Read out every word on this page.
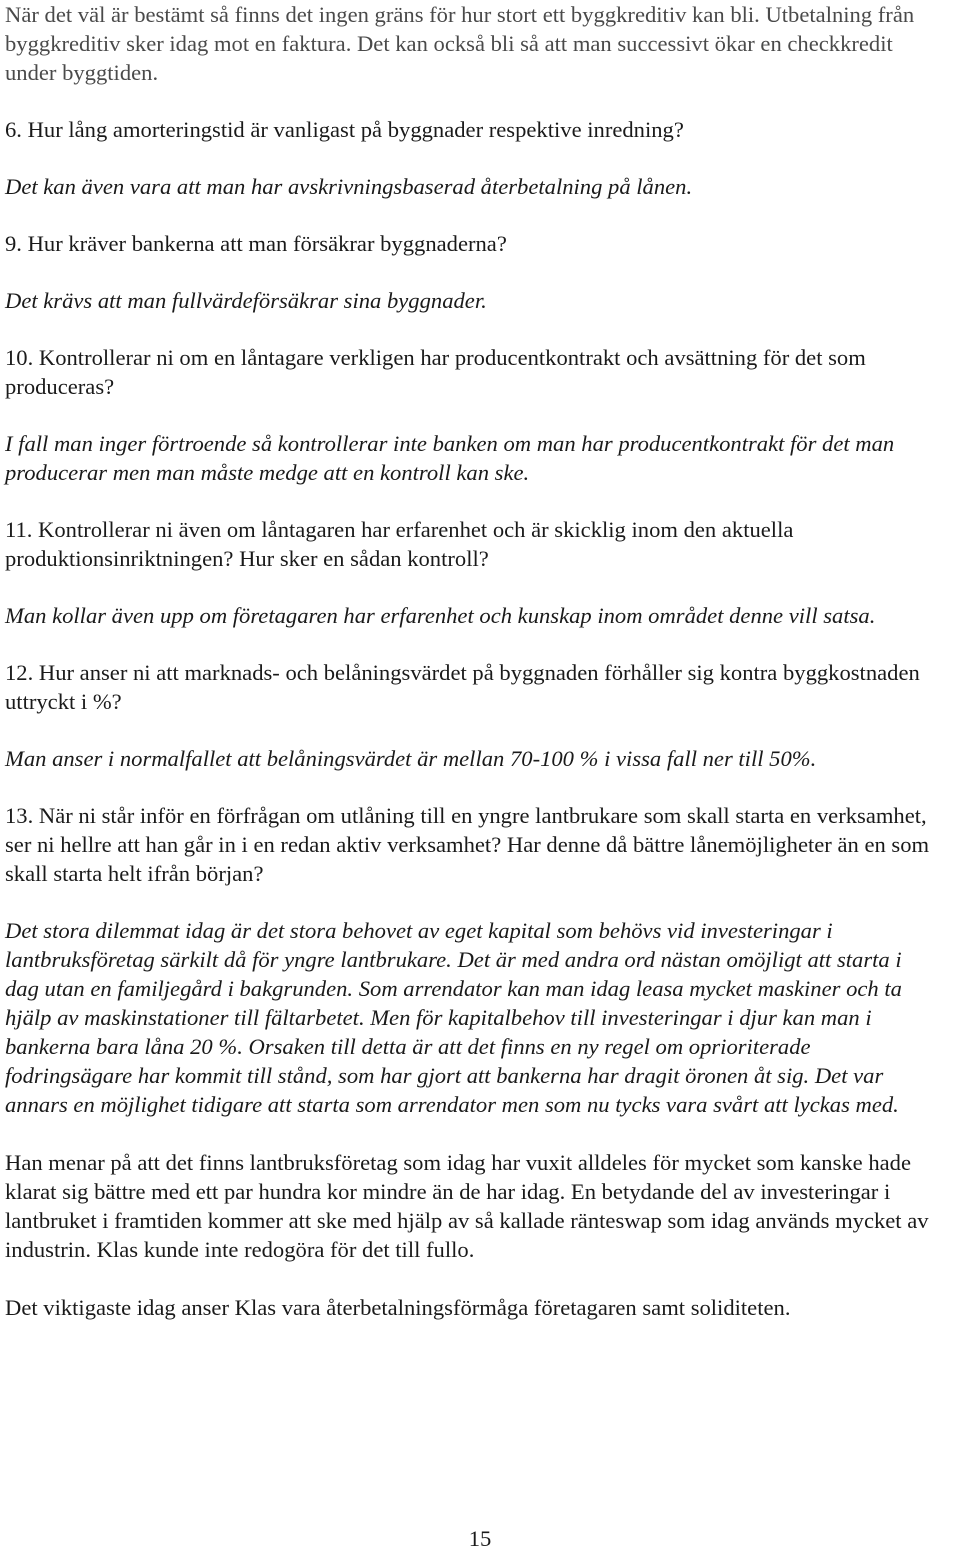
När det väl är bestämt så finns det ingen gräns för hur stort ett byggkreditiv kan bli. Utbetalning från byggkreditiv sker idag mot en faktura. Det kan också bli så att man successivt ökar en checkkredit under byggtiden.

6. Hur lång amorteringstid är vanligast på byggnader respektive inredning?

Det kan även vara att man har avskrivningsbaserad återbetalning på lånen.

9. Hur kräver bankerna att man försäkrar byggnaderna?

Det krävs att man fullvärdeförsäkrar sina byggnader.

10. Kontrollerar ni om en låntagare verkligen har producentkontrakt och avsättning för det som produceras?

I fall man inger förtroende så kontrollerar inte banken om man har producentkontrakt för det man producerar men man måste medge att en kontroll kan ske.

11. Kontrollerar ni även om låntagaren har erfarenhet och är skicklig inom den aktuella produktionsinriktningen? Hur sker en sådan kontroll?

Man kollar även upp om företagaren har erfarenhet och kunskap inom området denne vill satsa.

12. Hur anser ni att marknads- och belåningsvärdet på byggnaden förhåller sig kontra byggkostnaden uttryckt i %?

Man anser i normalfallet att belåningsvärdet är mellan 70-100 % i vissa fall ner till 50%.

13. När ni står inför en förfrågan om utlåning till en yngre lantbrukare som skall starta en verksamhet, ser ni hellre att han går in i en redan aktiv verksamhet? Har denne då bättre lånemöjligheter än en som skall starta helt ifrån början?

Det stora dilemmat idag är det stora behovet av eget kapital som behövs vid investeringar i lantbruksföretag särkilt då för yngre lantbrukare. Det är med andra ord nästan omöjligt att starta i dag utan en familjegård i bakgrunden. Som arrendator kan man idag leasa mycket maskiner och ta hjälp av maskinstationer till fältarbetet. Men för kapitalbehov till investeringar i djur kan man i bankerna bara låna 20 %. Orsaken till detta är att det finns en ny regel om oprioriterade fodringsägare har kommit till stånd, som har gjort att bankerna har dragit öronen åt sig. Det var annars en möjlighet tidigare att starta som arrendator men som nu tycks vara svårt att lyckas med.

Han menar på att det finns lantbruksföretag som idag har vuxit alldeles för mycket som kanske hade klarat sig bättre med ett par hundra kor mindre än de har idag. En betydande del av investeringar i lantbruket i framtiden kommer att ske med hjälp av så kallade ränteswap som idag används mycket av industrin. Klas kunde inte redogöra för det till fullo.

Det viktigaste idag anser Klas vara återbetalningsförmåga företagaren samt soliditeten.

15
